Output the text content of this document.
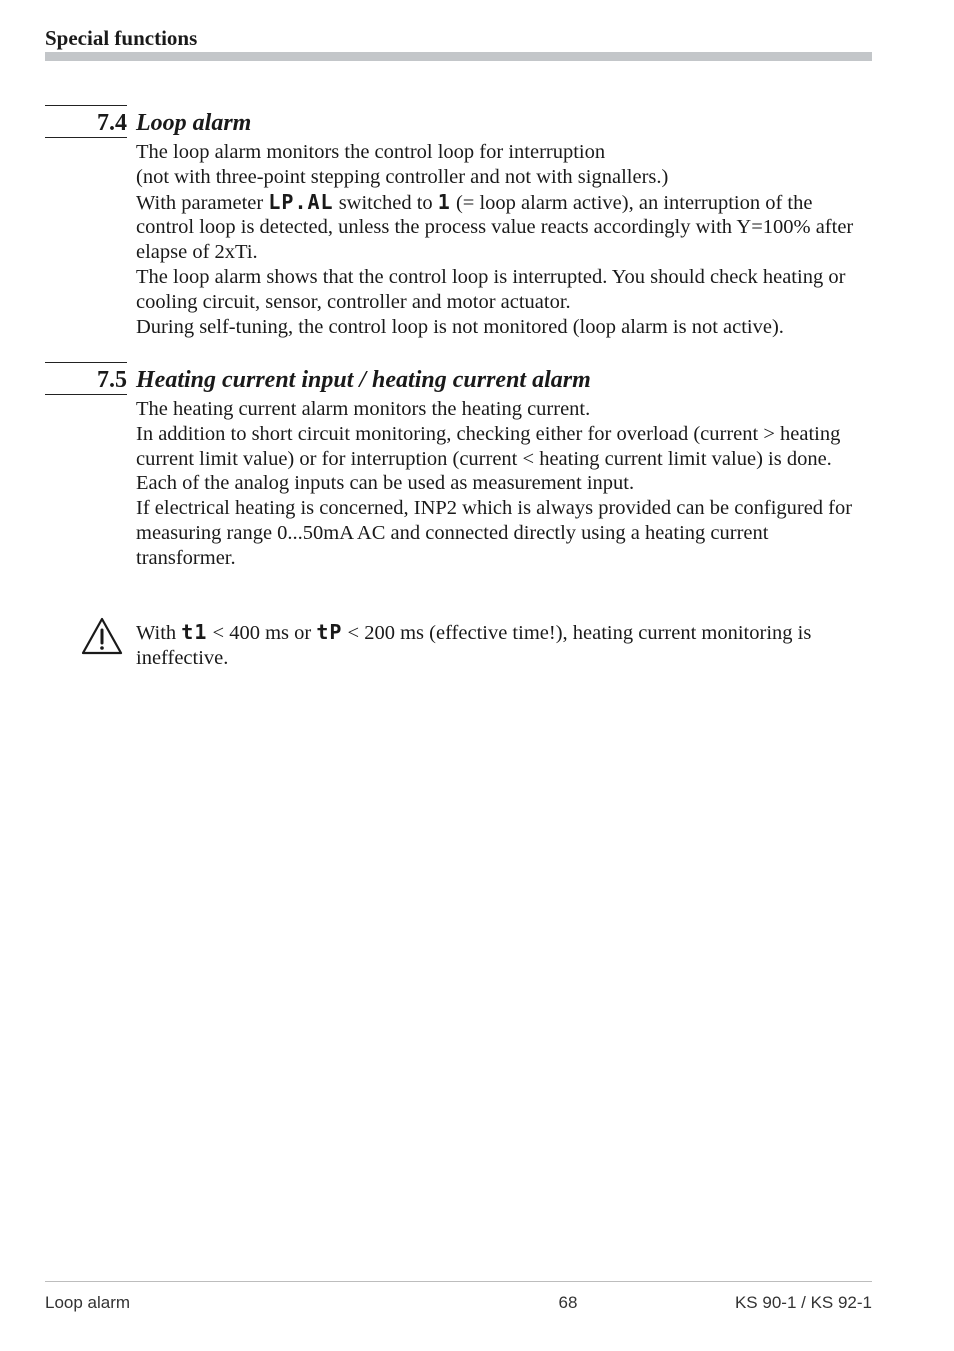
Special functions
7.4 Loop alarm

The loop alarm monitors the control loop for interruption

(not with three-point stepping controller and not with signallers.)

With parameter LP.AL switched to 1 (= loop alarm active), an interruption of the control loop is detected, unless the process value reacts accordingly with Y=100% after elapse of 2xTi.

The loop alarm shows that the control loop is interrupted. You should check heating or cooling circuit, sensor, controller and motor actuator.

During self-tuning, the control loop is not monitored (loop alarm is not active).

7.5 Heating current input / heating current alarm

The heating current alarm monitors the heating current.

In addition to short circuit monitoring, checking either for overload (current > heating current limit value) or for interruption (current < heating current limit value) is done.

Each of the analog inputs can be used as measurement input.

If electrical heating is concerned, INP2 which is always provided can be configured for measuring range 0...50mA AC and connected directly using a heating current transformer.

With t1 < 400 ms or tP < 200 ms (effective time!), heating current monitoring is ineffective.

Loop alarm	68	KS 90-1 / KS 92-1
